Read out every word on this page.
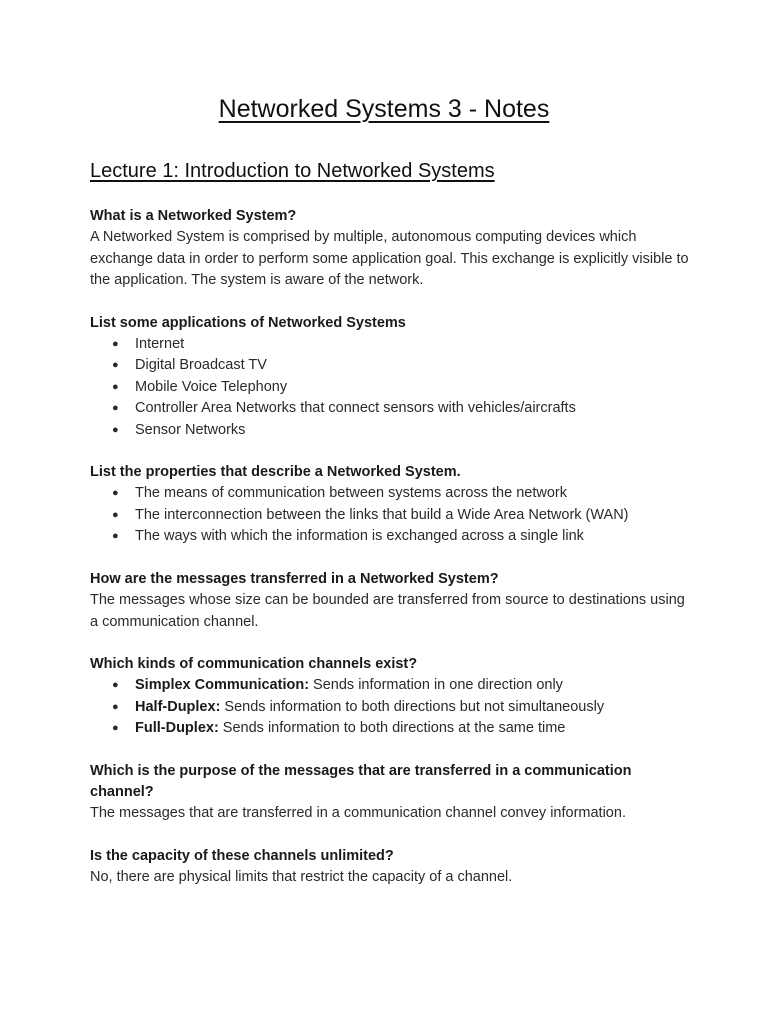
Networked Systems 3 - Notes
Lecture 1: Introduction to Networked Systems

What is a Networked System?

A Networked System is comprised by multiple, autonomous computing devices which exchange data in order to perform some application goal. This exchange is explicitly visible to the application. The system is aware of the network.

List some applications of Networked Systems

● Internet
● Digital Broadcast TV
● Mobile Voice Telephony
● Controller Area Networks that connect sensors with vehicles/aircrafts
● Sensor Networks

List the properties that describe a Networked System.

● The means of communication between systems across the network
● The interconnection between the links that build a Wide Area Network (WAN)
● The ways with which the information is exchanged across a single link

How are the messages transferred in a Networked System?

The messages whose size can be bounded are transferred from source to destinations using a communication channel.

Which kinds of communication channels exist?

● Simplex Communication: Sends information in one direction only
● Half-Duplex: Sends information to both directions but not simultaneously
● Full-Duplex: Sends information to both directions at the same time

Which is the purpose of the messages that are transferred in a communication channel?

The messages that are transferred in a communication channel convey information.

Is the capacity of these channels unlimited?

No, there are physical limits that restrict the capacity of a channel.
